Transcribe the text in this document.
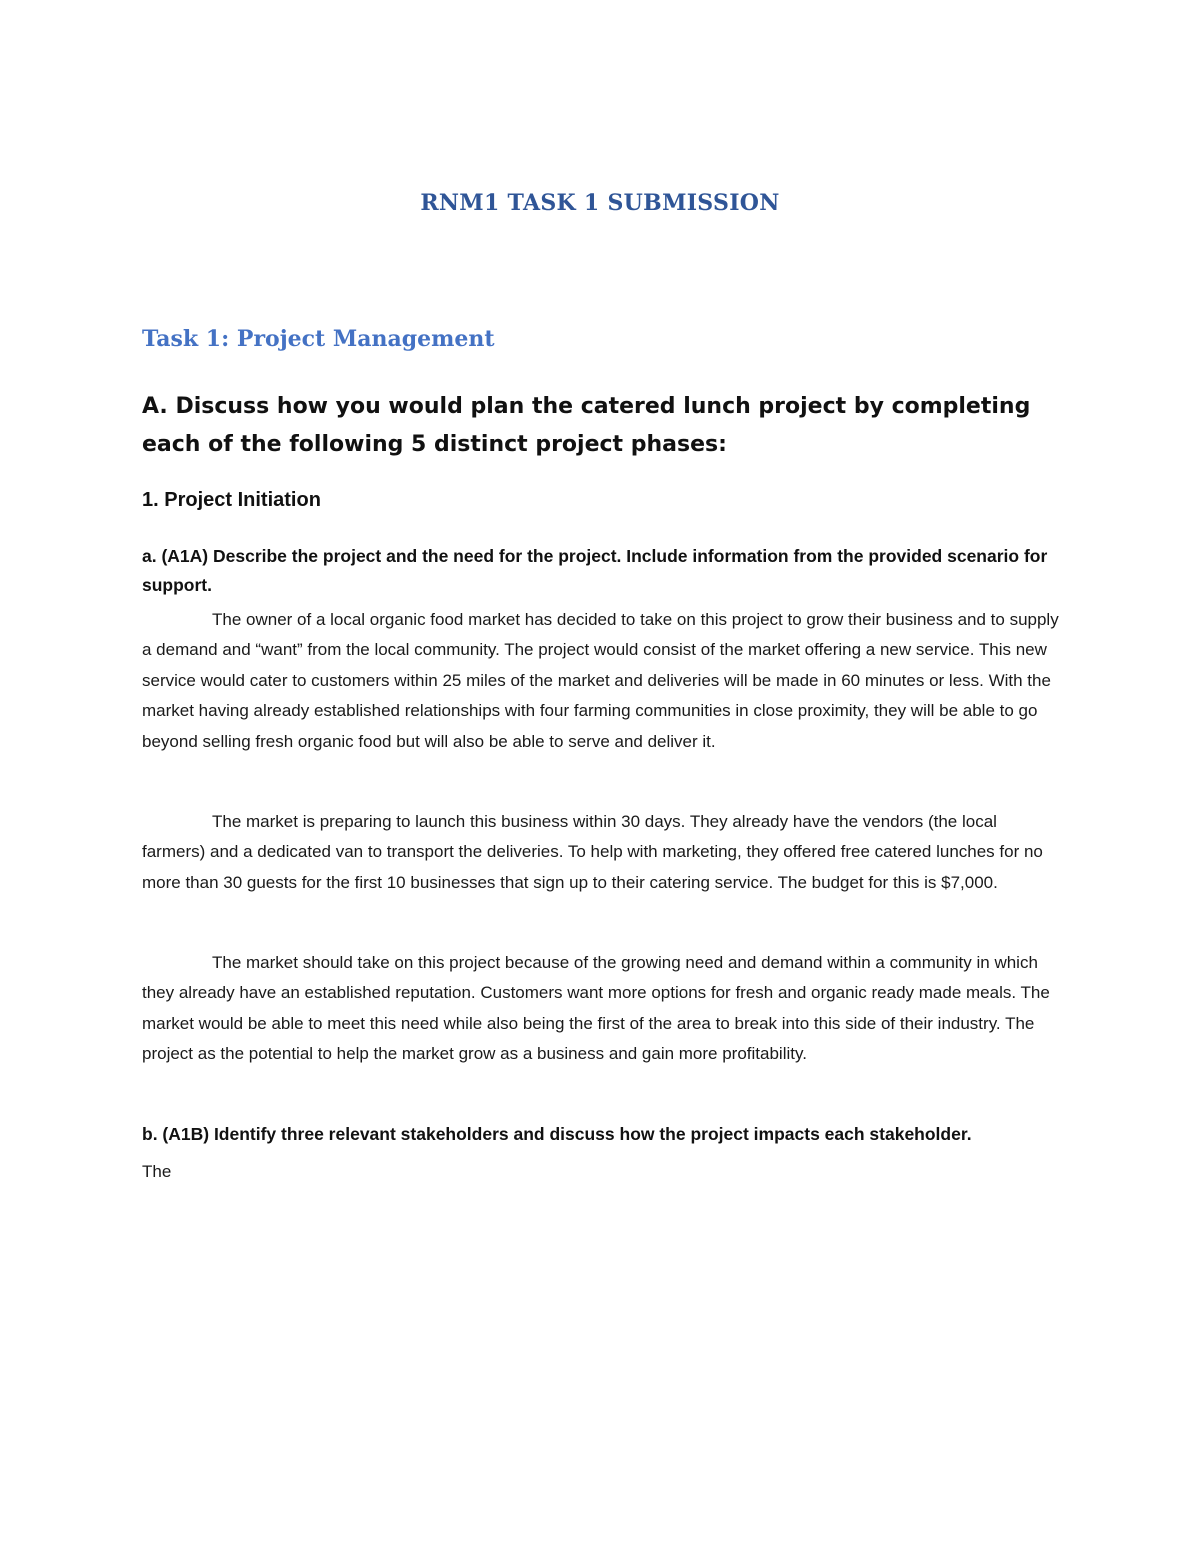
RNM1 TASK 1 SUBMISSION
Task 1: Project Management
A. Discuss how you would plan the catered lunch project by completing each of the following 5 distinct project phases:
1. Project Initiation

a. (A1A) Describe the project and the need for the project. Include information from the provided scenario for support.

The owner of a local organic food market has decided to take on this project to grow their business and to supply a demand and “want” from the local community. The project would consist of the market offering a new service. This new service would cater to customers within 25 miles of the market and deliveries will be made in 60 minutes or less. With the market having already established relationships with four farming communities in close proximity, they will be able to go beyond selling fresh organic food but will also be able to serve and deliver it.

The market is preparing to launch this business within 30 days. They already have the vendors (the local farmers) and a dedicated van to transport the deliveries. To help with marketing, they offered free catered lunches for no more than 30 guests for the first 10 businesses that sign up to their catering service. The budget for this is $7,000.

The market should take on this project because of the growing need and demand within a community in which they already have an established reputation. Customers want more options for fresh and organic ready made meals. The market would be able to meet this need while also being the first of the area to break into this side of their industry. The project as the potential to help the market grow as a business and gain more profitability.

b. (A1B) Identify three relevant stakeholders and discuss how the project impacts each stakeholder.

The
